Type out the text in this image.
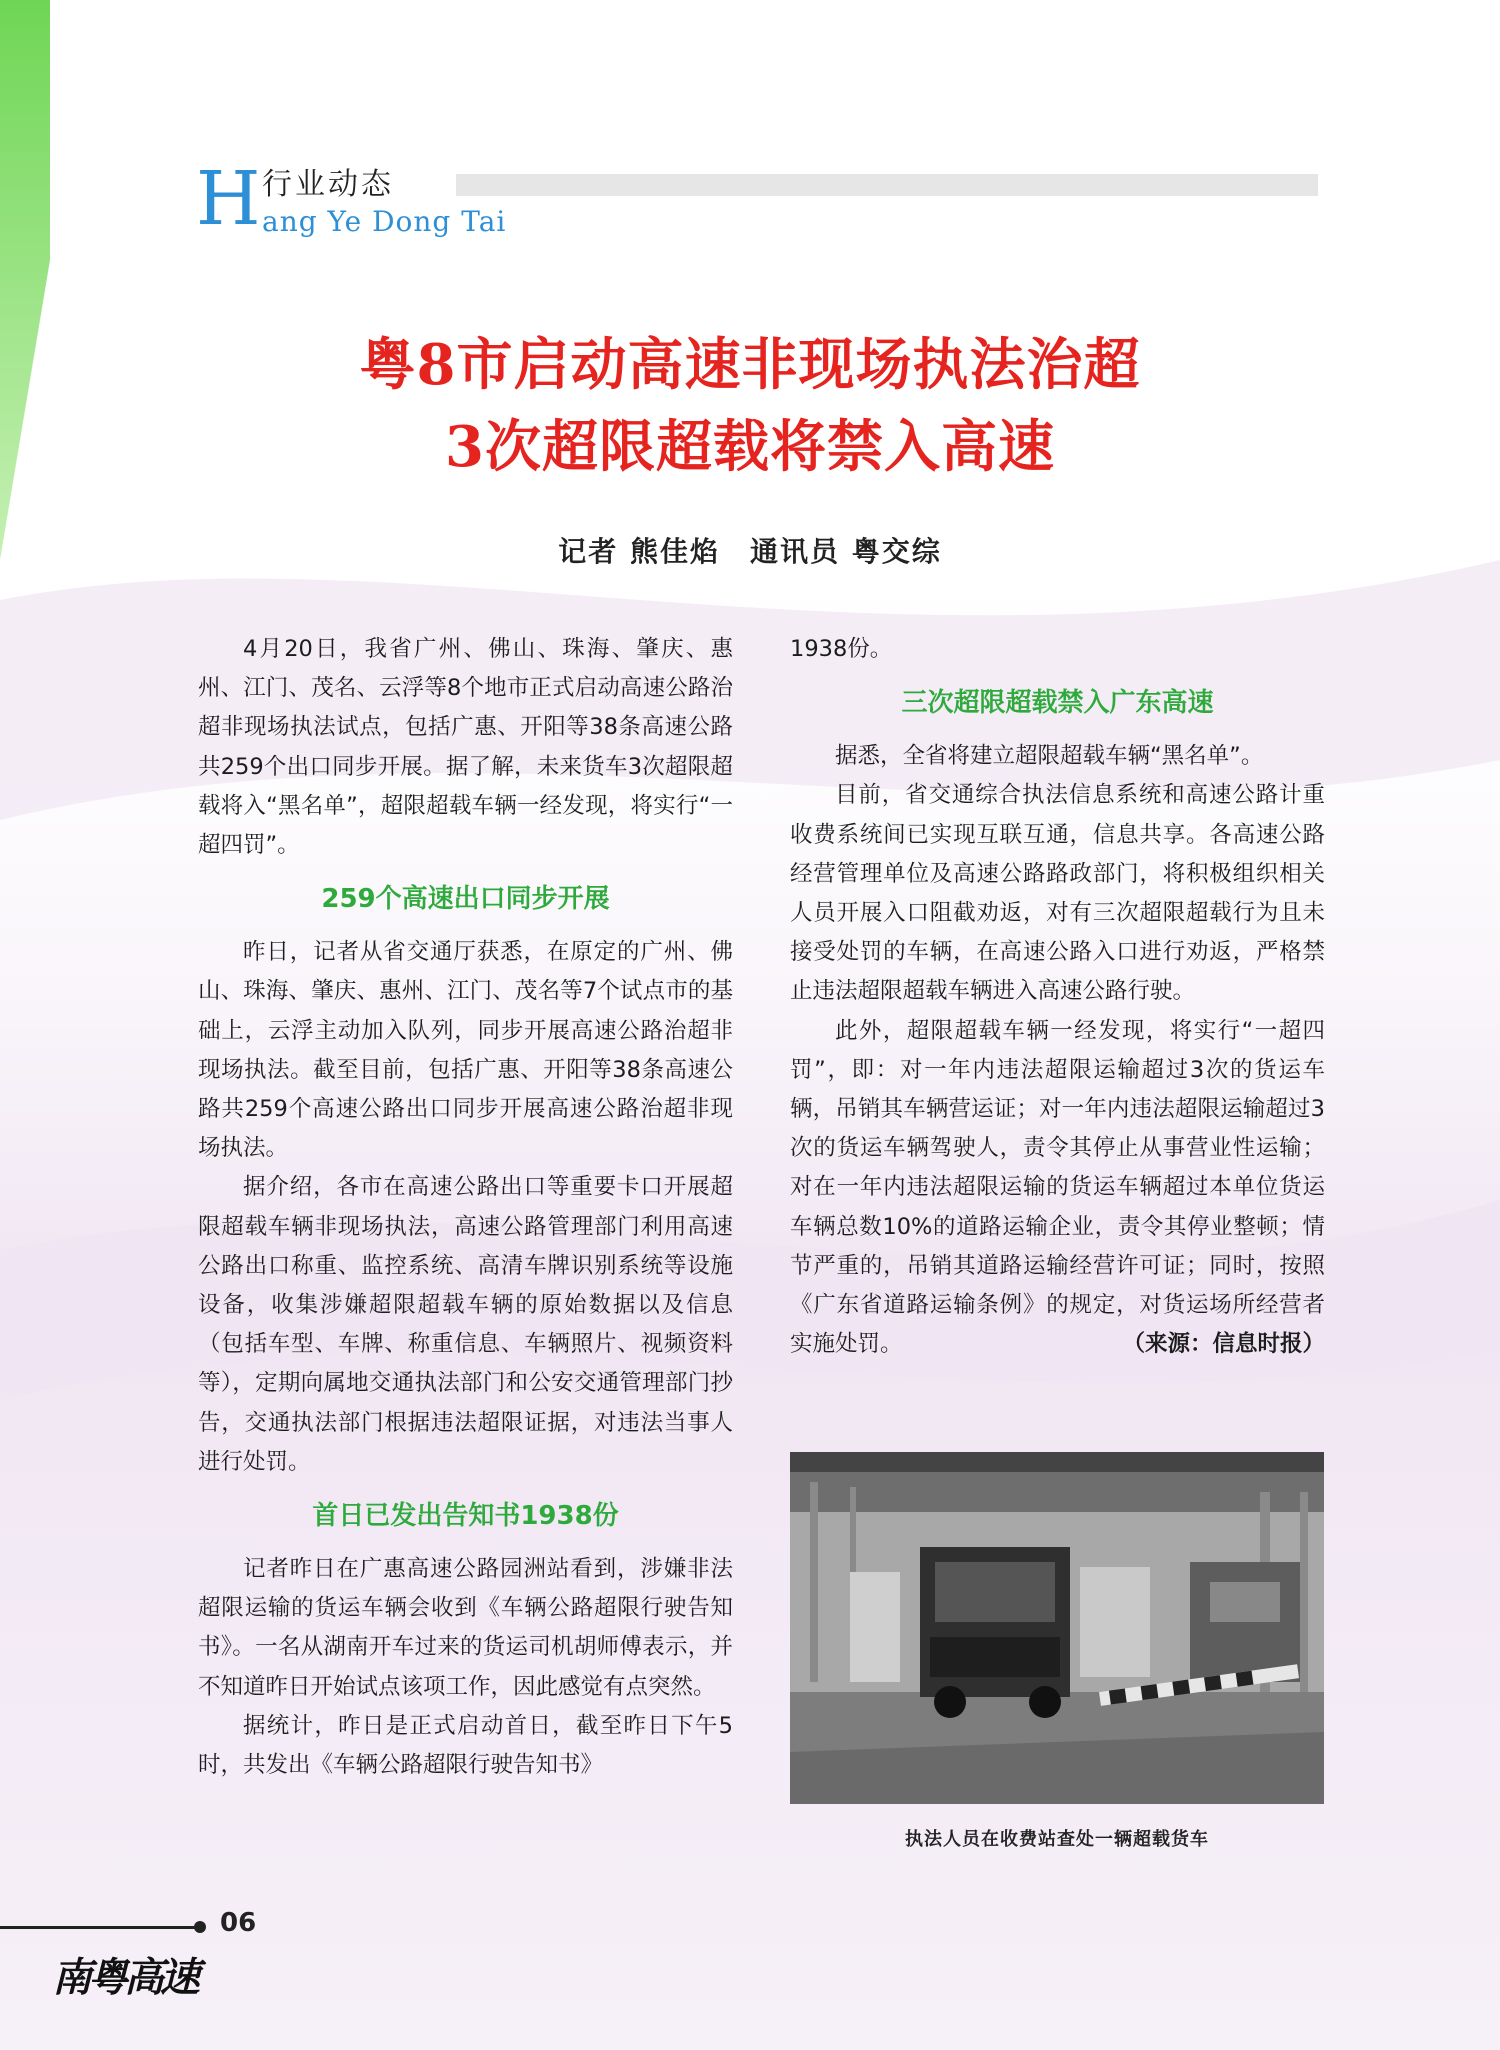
H 行业动态
ang Ye Dong Tai
粤8市启动高速非现场执法治超
3次超限超载将禁入高速
记者 熊佳焰　通讯员 粤交综

4月20日，我省广州、佛山、珠海、肇庆、惠州、江门、茂名、云浮等8个地市正式启动高速公路治超非现场执法试点，包括广惠、开阳等38条高速公路共259个出口同步开展。据了解，未来货车3次超限超载将入“黑名单”，超限超载车辆一经发现，将实行“一超四罚”。

259个高速出口同步开展

昨日，记者从省交通厅获悉，在原定的广州、佛山、珠海、肇庆、惠州、江门、茂名等7个试点市的基础上，云浮主动加入队列，同步开展高速公路治超非现场执法。截至目前，包括广惠、开阳等38条高速公路共259个高速公路出口同步开展高速公路治超非现场执法。

据介绍，各市在高速公路出口等重要卡口开展超限超载车辆非现场执法，高速公路管理部门利用高速公路出口称重、监控系统、高清车牌识别系统等设施设备，收集涉嫌超限超载车辆的原始数据以及信息（包括车型、车牌、称重信息、车辆照片、视频资料等），定期向属地交通执法部门和公安交通管理部门抄告，交通执法部门根据违法超限证据，对违法当事人进行处罚。

首日已发出告知书1938份

记者昨日在广惠高速公路园洲站看到，涉嫌非法超限运输的货运车辆会收到《车辆公路超限行驶告知书》。一名从湖南开车过来的货运司机胡师傅表示，并不知道昨日开始试点该项工作，因此感觉有点突然。

据统计，昨日是正式启动首日，截至昨日下午5时，共发出《车辆公路超限行驶告知书》

1938份。

三次超限超载禁入广东高速

据悉，全省将建立超限超载车辆“黑名单”。

目前，省交通综合执法信息系统和高速公路计重收费系统间已实现互联互通，信息共享。各高速公路经营管理单位及高速公路路政部门，将积极组织相关人员开展入口阻截劝返，对有三次超限超载行为且未接受处罚的车辆，在高速公路入口进行劝返，严格禁止违法超限超载车辆进入高速公路行驶。

此外，超限超载车辆一经发现，将实行“一超四罚”，即：对一年内违法超限运输超过3次的货运车辆，吊销其车辆营运证；对一年内违法超限运输超过3次的货运车辆驾驶人，责令其停止从事营业性运输；对在一年内违法超限运输的货运车辆超过本单位货运车辆总数10%的道路运输企业，责令其停业整顿；情节严重的，吊销其道路运输经营许可证；同时，按照《广东省道路运输条例》的规定，对货运场所经营者实施处罚。	（来源：信息时报）
执法人员在收费站查处一辆超载货车
06
南粤高速
